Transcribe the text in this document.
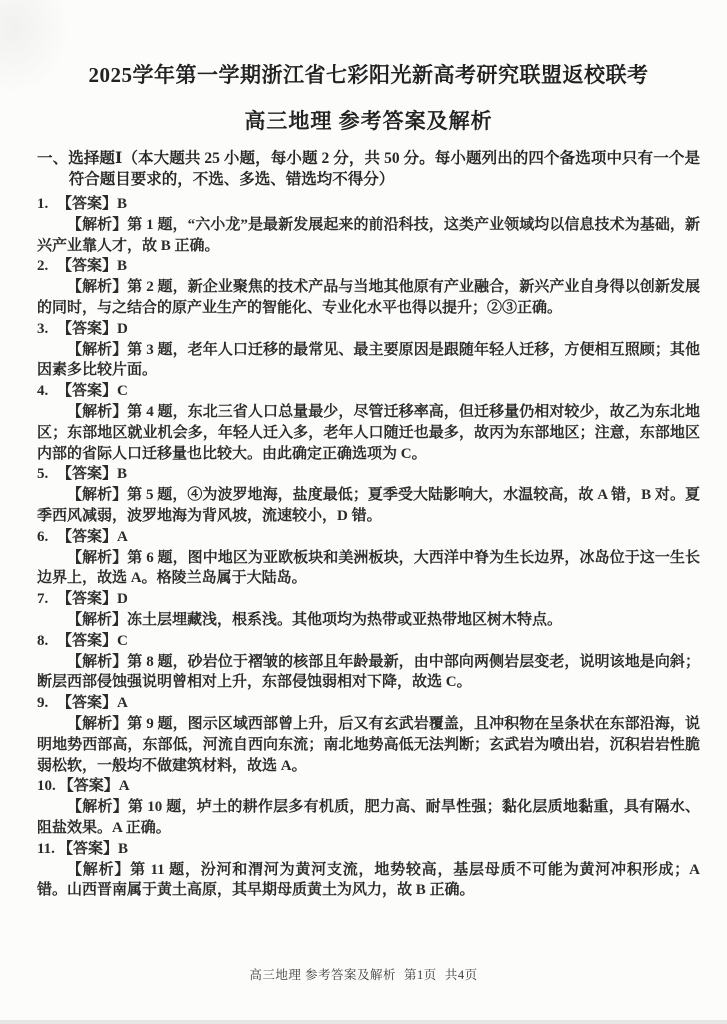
2025学年第一学期浙江省七彩阳光新高考研究联盟返校联考
高三地理 参考答案及解析
一、选择题Ⅰ（本大题共 25 小题，每小题 2 分，共 50 分。每小题列出的四个备选项中只有一个是符合题目要求的，不选、多选、错选均不得分）

1. 【答案】B

【解析】第 1 题，“六小龙”是最新发展起来的前沿科技，这类产业领域均以信息技术为基础，新兴产业靠人才，故 B 正确。

2. 【答案】B

【解析】第 2 题，新企业聚焦的技术产品与当地其他原有产业融合，新兴产业自身得以创新发展的同时，与之结合的原产业生产的智能化、专业化水平也得以提升；②③正确。

3. 【答案】D

【解析】第 3 题，老年人口迁移的最常见、最主要原因是跟随年轻人迁移，方便相互照顾；其他因素多比较片面。

4. 【答案】C

【解析】第 4 题，东北三省人口总量最少，尽管迁移率高，但迁移量仍相对较少，故乙为东北地区；东部地区就业机会多，年轻人迁入多，老年人口随迁也最多，故丙为东部地区；注意，东部地区内部的省际人口迁移量也比较大。由此确定正确选项为 C。

5. 【答案】B

【解析】第 5 题，④为波罗地海，盐度最低；夏季受大陆影响大，水温较高，故 A 错，B 对。夏季西风减弱，波罗地海为背风坡，流速较小，D 错。

6. 【答案】A

【解析】第 6 题，图中地区为亚欧板块和美洲板块，大西洋中脊为生长边界，冰岛位于这一生长边界上，故选 A。格陵兰岛属于大陆岛。

7. 【答案】D

【解析】冻土层埋藏浅，根系浅。其他项均为热带或亚热带地区树木特点。

8. 【答案】C

【解析】第 8 题，砂岩位于褶皱的核部且年龄最新，由中部向两侧岩层变老，说明该地是向斜；断层西部侵蚀强说明曾相对上升，东部侵蚀弱相对下降，故选 C。

9. 【答案】A

【解析】第 9 题，图示区域西部曾上升，后又有玄武岩覆盖，且冲积物在呈条状在东部沿海，说明地势西部高，东部低，河流自西向东流；南北地势高低无法判断；玄武岩为喷出岩，沉积岩岩性脆弱松软，一般均不做建筑材料，故选 A。

10. 【答案】A

【解析】第 10 题，垆土的耕作层多有机质，肥力高、耐旱性强；黏化层质地黏重，具有隔水、阻盐效果。A 正确。

11. 【答案】B

【解析】第 11 题，汾河和渭河为黄河支流，地势较高，基层母质不可能为黄河冲积形成；A 错。山西晋南属于黄土高原，其早期母质黄土为风力，故 B 正确。

高三地理 参考答案及解析 第1页 共4页
